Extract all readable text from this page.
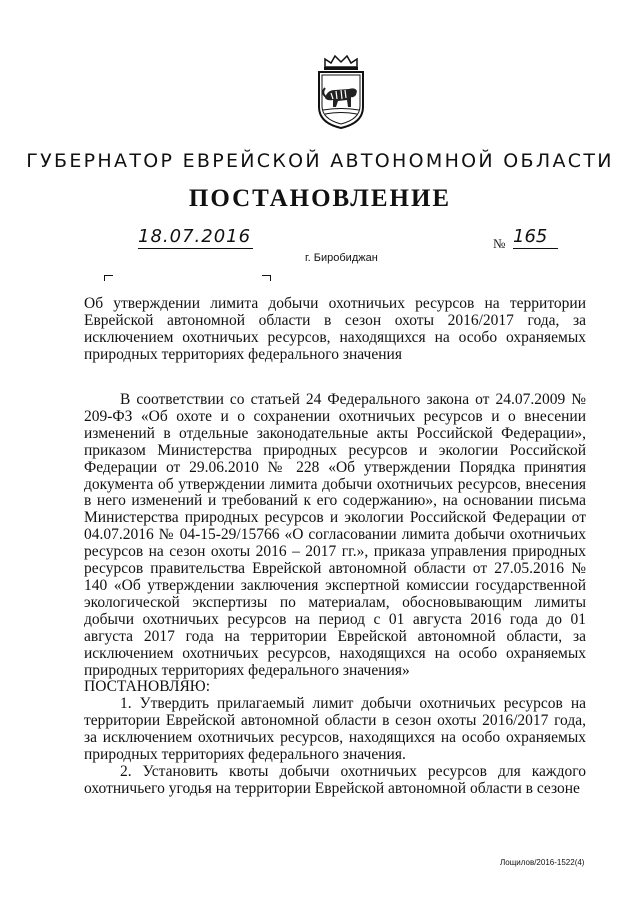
ГУБЕРНАТОР ЕВРЕЙСКОЙ АВТОНОМНОЙ ОБЛАСТИ
ПОСТАНОВЛЕНИЕ
18.07.2016	№ 165
г. Биробиджан
Об утверждении лимита добычи охотничьих ресурсов на территории
Еврейской автономной области в сезон охоты 2016/2017 года, за
исключением охотничьих ресурсов, находящихся на особо охраняемых
природных территориях федерального значения

В соответствии со статьей 24 Федерального закона от 24.07.2009 № 209-ФЗ «Об охоте и о сохранении охотничьих ресурсов и о внесении изменений в отдельные законодательные акты Российской Федерации», приказом Министерства природных ресурсов и экологии Российской Федерации от 29.06.2010 № 228 «Об утверждении Порядка принятия документа об утверждении лимита добычи охотничьих ресурсов, внесения в него изменений и требований к его содержанию», на основании письма Министерства природных ресурсов и экологии Российской Федерации от 04.07.2016 № 04-15-29/15766 «О согласовании лимита добычи охотничьих ресурсов на сезон охоты 2016 – 2017 гг.», приказа управления природных ресурсов правительства Еврейской автономной области от 27.05.2016 № 140 «Об утверждении заключения экспертной комиссии государственной экологической экспертизы по материалам, обосновывающим лимиты добычи охотничьих ресурсов на период с 01 августа 2016 года до 01 августа 2017 года на территории Еврейской автономной области, за исключением охотничьих ресурсов, находящихся на особо охраняемых природных территориях федерального значения»

ПОСТАНОВЛЯЮ:

1. Утвердить прилагаемый лимит добычи охотничьих ресурсов на территории Еврейской автономной области в сезон охоты 2016/2017 года, за исключением охотничьих ресурсов, находящихся на особо охраняемых природных территориях федерального значения.

2. Установить квоты добычи охотничьих ресурсов для каждого охотничьего угодья на территории Еврейской автономной области в сезоне

Лощилов/2016-1522(4)
